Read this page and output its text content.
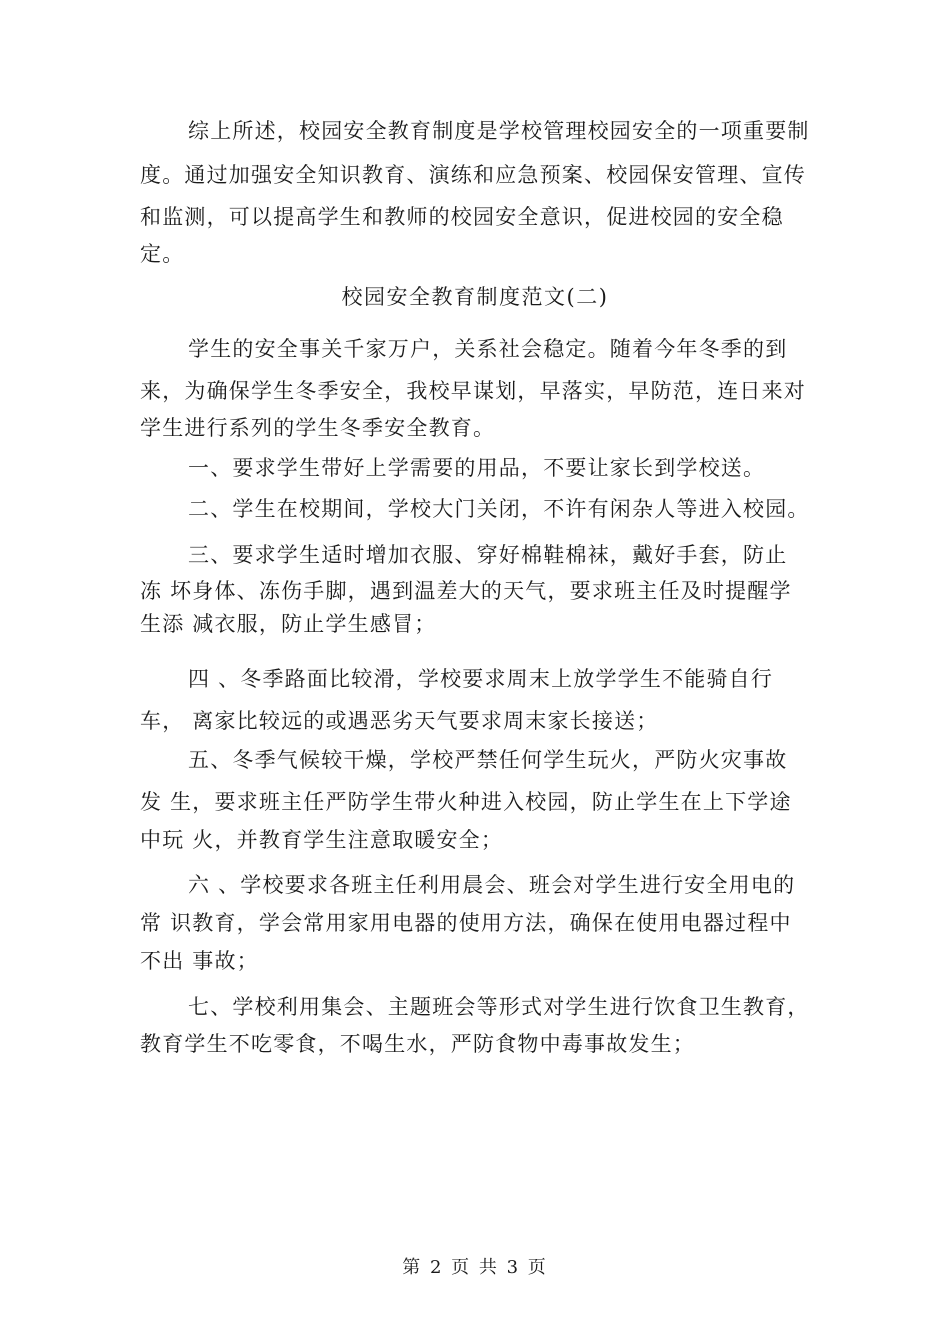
综上所述，校园安全教育制度是学校管理校园安全的一项重要制
度。通过加强安全知识教育、演练和应急预案、校园保安管理、宣传
和监测，可以提高学生和教师的校园安全意识，促进校园的安全稳
定。
校园安全教育制度范文(二)
学生的安全事关千家万户，关系社会稳定。随着今年冬季的到
来，为确保学生冬季安全，我校早谋划，早落实，早防范，连日来对
学生进行系列的学生冬季安全教育。
一、要求学生带好上学需要的用品，不要让家长到学校送。
二、学生在校期间，学校大门关闭，不许有闲杂人等进入校园。
三、要求学生适时增加衣服、穿好棉鞋棉袜，戴好手套，防止
冻 坏身体、冻伤手脚，遇到温差大的天气，要求班主任及时提醒学
生添 减衣服，防止学生感冒；
四 、冬季路面比较滑，学校要求周末上放学学生不能骑自行
车， 离家比较远的或遇恶劣天气要求周末家长接送；
五、冬季气候较干燥，学校严禁任何学生玩火，严防火灾事故
发 生，要求班主任严防学生带火种进入校园，防止学生在上下学途
中玩 火，并教育学生注意取暖安全；
六 、学校要求各班主任利用晨会、班会对学生进行安全用电的
常 识教育，学会常用家用电器的使用方法，确保在使用电器过程中
不出 事故；
七、学校利用集会、主题班会等形式对学生进行饮食卫生教育，
教育学生不吃零食，不喝生水，严防食物中毒事故发生；
第 2 页 共 3 页
